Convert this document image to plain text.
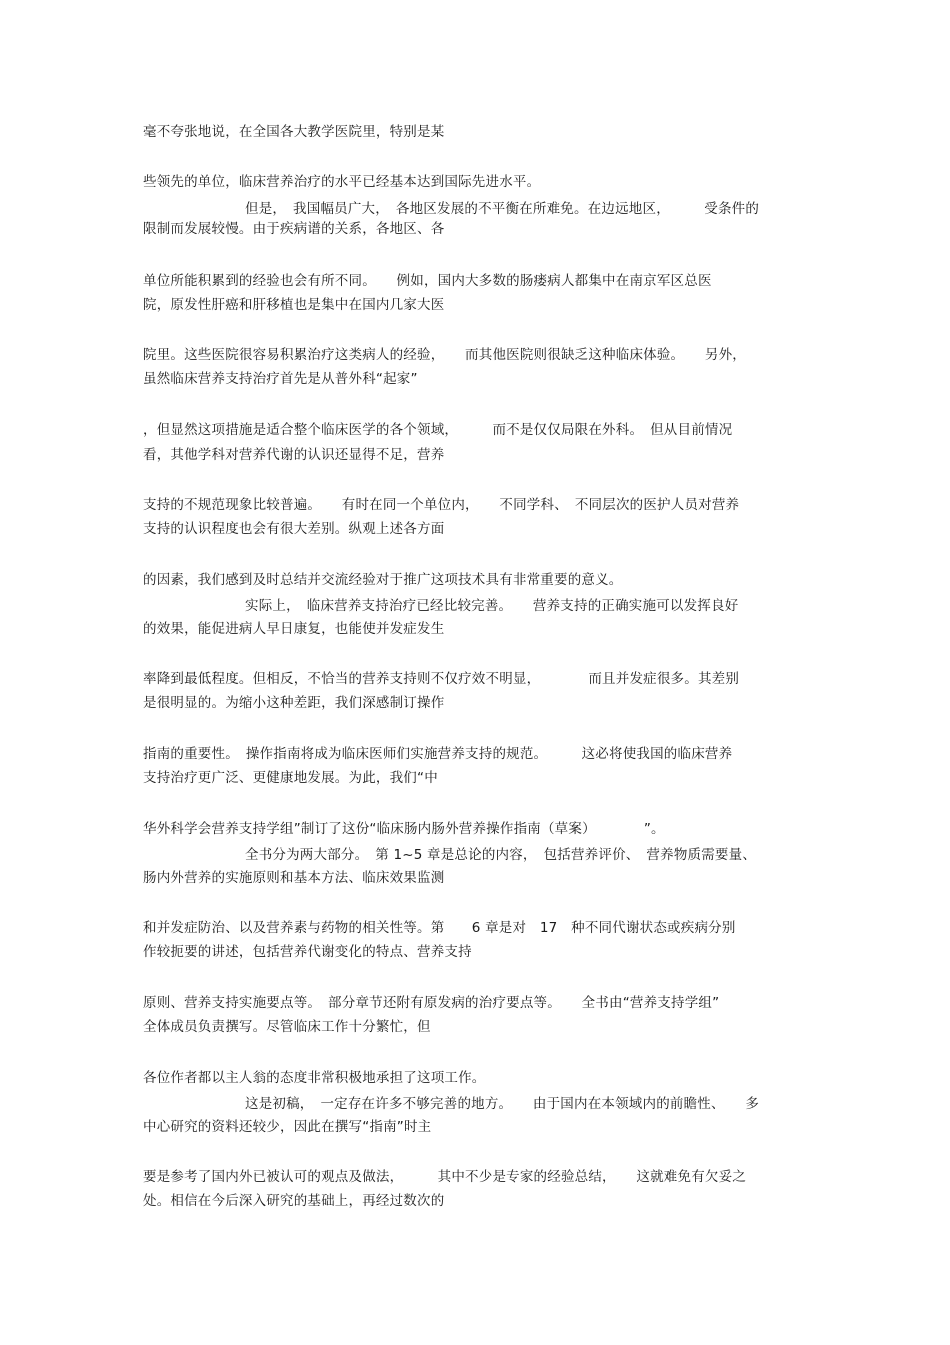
毫不夸张地说，在全国各大教学医院里，特别是某
些领先的单位，临床营养治疗的水平已经基本达到国际先进水平。
但是，　我国幅员广大，　各地区发展的不平衡在所难免。在边远地区，　　　受条件的
限制而发展较慢。由于疾病谱的关系，各地区、各
单位所能积累到的经验也会有所不同。　　例如，国内大多数的肠瘘病人都集中在南京军区总医
院，原发性肝癌和肝移植也是集中在国内几家大医
院里。这些医院很容易积累治疗这类病人的经验，　　而其他医院则很缺乏这种临床体验。　　另外，
虽然临床营养支持治疗首先是从普外科“起家”
，但显然这项措施是适合整个临床医学的各个领域，　　　而不是仅仅局限在外科。　但从目前情况
看，其他学科对营养代谢的认识还显得不足，营养
支持的不规范现象比较普遍。　　有时在同一个单位内，　　不同学科、　不同层次的医护人员对营养
支持的认识程度也会有很大差别。纵观上述各方面
的因素，我们感到及时总结并交流经验对于推广这项技术具有非常重要的意义。
实际上，　临床营养支持治疗已经比较完善。　　营养支持的正确实施可以发挥良好
的效果，能促进病人早日康复，也能使并发症发生
率降到最低程度。但相反，不恰当的营养支持则不仅疗效不明显，　　　　而且并发症很多。其差别
是很明显的。为缩小这种差距，我们深感制订操作
指南的重要性。　操作指南将成为临床医师们实施营养支持的规范。　　　这必将使我国的临床营养
支持治疗更广泛、更健康地发展。为此，我们“中
华外科学会营养支持学组”制订了这份“临床肠内肠外营养操作指南（草案）　　　　”。
全书分为两大部分。　第 1~5 章是总论的内容，　包括营养评价、　营养物质需要量、
肠内外营养的实施原则和基本方法、临床效果监测
和并发症防治、以及营养素与药物的相关性等。第　　6 章是对　17　种不同代谢状态或疾病分别
作较扼要的讲述，包括营养代谢变化的特点、营养支持
原则、营养支持实施要点等。　部分章节还附有原发病的治疗要点等。　　全书由“营养支持学组”
全体成员负责撰写。尽管临床工作十分繁忙，但
各位作者都以主人翁的态度非常积极地承担了这项工作。
这是初稿，　一定存在许多不够完善的地方。　　由于国内在本领域内的前瞻性、　　多
中心研究的资料还较少，因此在撰写“指南”时主
要是参考了国内外已被认可的观点及做法，　　　其中不少是专家的经验总结，　　这就难免有欠妥之
处。相信在今后深入研究的基础上，再经过数次的
